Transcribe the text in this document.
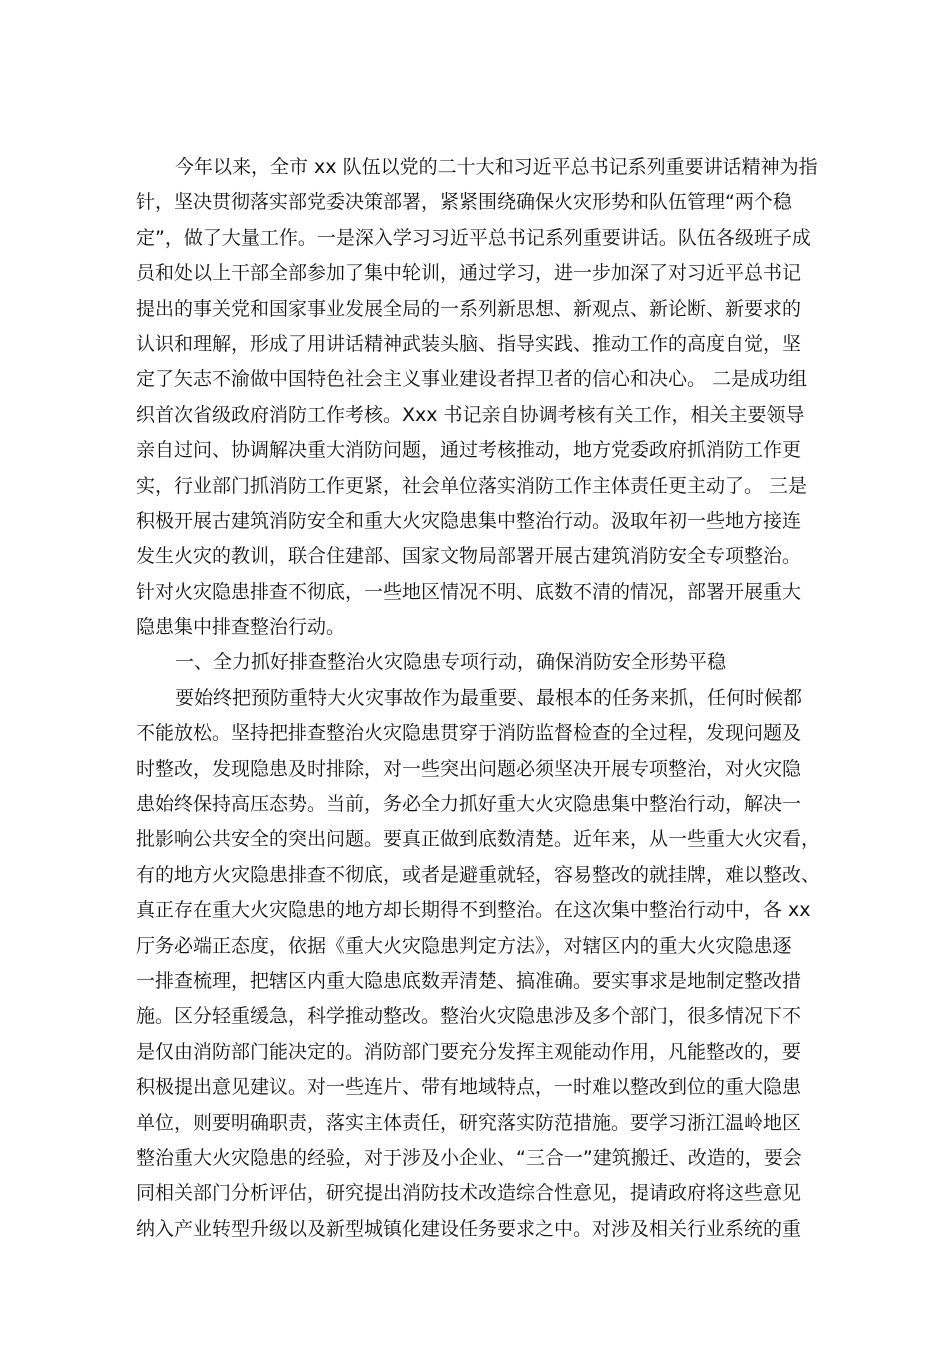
今年以来，全市 xx 队伍以党的二十大和习近平总书记系列重要讲话精神为指

针，坚决贯彻落实部党委决策部署，紧紧围绕确保火灾形势和队伍管理“两个稳

定”，做了大量工作。一是深入学习习近平总书记系列重要讲话。队伍各级班子成

员和处以上干部全部参加了集中轮训，通过学习，进一步加深了对习近平总书记

提出的事关党和国家事业发展全局的一系列新思想、新观点、新论断、新要求的

认识和理解，形成了用讲话精神武装头脑、指导实践、推动工作的高度自觉，坚

定了矢志不渝做中国特色社会主义事业建设者捍卫者的信心和决心。 二是成功组

织首次省级政府消防工作考核。Xxx 书记亲自协调考核有关工作，相关主要领导

亲自过问、协调解决重大消防问题，通过考核推动，地方党委政府抓消防工作更

实，行业部门抓消防工作更紧，社会单位落实消防工作主体责任更主动了。 三是

积极开展古建筑消防安全和重大火灾隐患集中整治行动。汲取年初一些地方接连

发生火灾的教训，联合住建部、国家文物局部署开展古建筑消防安全专项整治。

针对火灾隐患排查不彻底，一些地区情况不明、底数不清的情况，部署开展重大

隐患集中排查整治行动。

一、全力抓好排查整治火灾隐患专项行动，确保消防安全形势平稳

要始终把预防重特大火灾事故作为最重要、最根本的任务来抓，任何时候都

不能放松。坚持把排查整治火灾隐患贯穿于消防监督检查的全过程，发现问题及

时整改，发现隐患及时排除，对一些突出问题必须坚决开展专项整治，对火灾隐

患始终保持高压态势。当前，务必全力抓好重大火灾隐患集中整治行动，解决一

批影响公共安全的突出问题。要真正做到底数清楚。近年来，从一些重大火灾看，

有的地方火灾隐患排查不彻底，或者是避重就轻，容易整改的就挂牌，难以整改、

真正存在重大火灾隐患的地方却长期得不到整治。在这次集中整治行动中，各 xx

厅务必端正态度，依据《重大火灾隐患判定方法》，对辖区内的重大火灾隐患逐

一排查梳理，把辖区内重大隐患底数弄清楚、搞准确。要实事求是地制定整改措

施。区分轻重缓急，科学推动整改。整治火灾隐患涉及多个部门，很多情况下不

是仅由消防部门能决定的。消防部门要充分发挥主观能动作用，凡能整改的，要

积极提出意见建议。对一些连片、带有地域特点，一时难以整改到位的重大隐患

单位，则要明确职责，落实主体责任，研究落实防范措施。要学习浙江温岭地区

整治重大火灾隐患的经验，对于涉及小企业、“三合一”建筑搬迁、改造的，要会

同相关部门分析评估，研究提出消防技术改造综合性意见，提请政府将这些意见

纳入产业转型升级以及新型城镇化建设任务要求之中。对涉及相关行业系统的重
